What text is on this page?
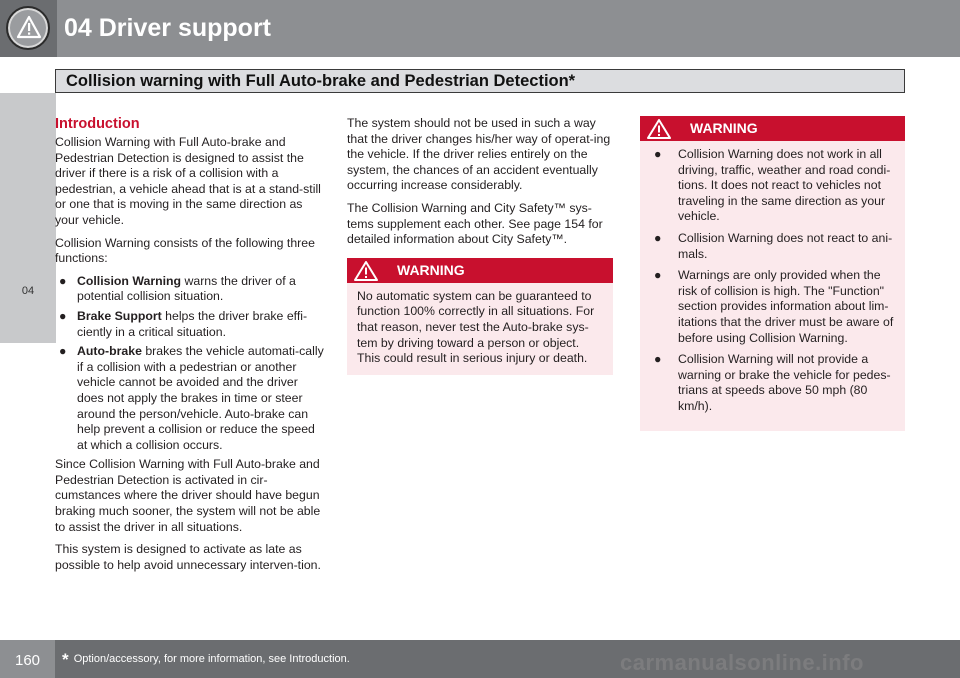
04 Driver support
Collision warning with Full Auto-brake and Pedestrian Detection*
04
Introduction
Collision Warning with Full Auto-brake and Pedestrian Detection is designed to assist the driver if there is a risk of a collision with a pedestrian, a vehicle ahead that is at a stand-still or one that is moving in the same direction as your vehicle.
Collision Warning consists of the following three functions:
● Collision Warning warns the driver of a potential collision situation.
● Brake Support helps the driver brake effi-ciently in a critical situation.
● Auto-brake brakes the vehicle automati-cally if a collision with a pedestrian or another vehicle cannot be avoided and the driver does not apply the brakes in time or steer around the person/vehicle. Auto-brake can help prevent a collision or reduce the speed at which a collision occurs.
Since Collision Warning with Full Auto-brake and Pedestrian Detection is activated in cir-cumstances where the driver should have begun braking much sooner, the system will not be able to assist the driver in all situations.
This system is designed to activate as late as possible to help avoid unnecessary interven-tion.
The system should not be used in such a way that the driver changes his/her way of operat-ing the vehicle. If the driver relies entirely on the system, the chances of an accident eventually occurring increase considerably.
The Collision Warning and City Safety™ sys-tems supplement each other. See page 154 for detailed information about City Safety™.
WARNING
No automatic system can be guaranteed to function 100% correctly in all situations. For that reason, never test the Auto-brake sys-tem by driving toward a person or object. This could result in serious injury or death.
WARNING
● Collision Warning does not work in all driving, traffic, weather and road condi-tions. It does not react to vehicles not traveling in the same direction as your vehicle.
● Collision Warning does not react to ani-mals.
● Warnings are only provided when the risk of collision is high. The "Function" section provides information about lim-itations that the driver must be aware of before using Collision Warning.
● Collision Warning will not provide a warning or brake the vehicle for pedes-trians at speeds above 50 mph (80 km/h).
160	* Option/accessory, for more information, see Introduction.	carmanualsonline.info
